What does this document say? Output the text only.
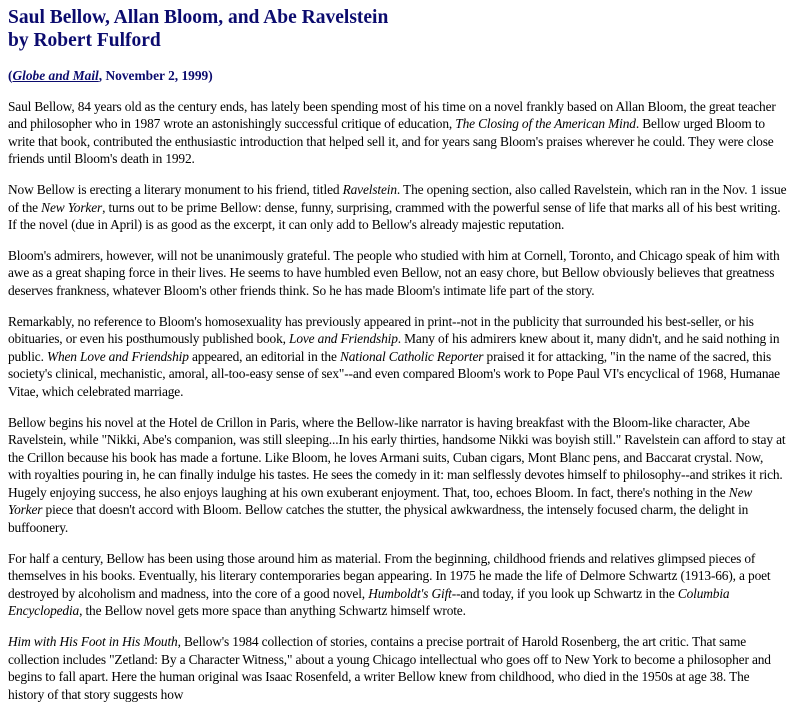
Saul Bellow, Allan Bloom, and Abe Ravelstein
by Robert Fulford
(Globe and Mail, November 2, 1999)

Saul Bellow, 84 years old as the century ends, has lately been spending most of his time on a novel frankly based on Allan Bloom, the great teacher and philosopher who in 1987 wrote an astonishingly successful critique of education, The Closing of the American Mind. Bellow urged Bloom to write that book, contributed the enthusiastic introduction that helped sell it, and for years sang Bloom's praises wherever he could. They were close friends until Bloom's death in 1992.

Now Bellow is erecting a literary monument to his friend, titled Ravelstein. The opening section, also called Ravelstein, which ran in the Nov. 1 issue of the New Yorker, turns out to be prime Bellow: dense, funny, surprising, crammed with the powerful sense of life that marks all of his best writing. If the novel (due in April) is as good as the excerpt, it can only add to Bellow's already majestic reputation.

Bloom's admirers, however, will not be unanimously grateful. The people who studied with him at Cornell, Toronto, and Chicago speak of him with awe as a great shaping force in their lives. He seems to have humbled even Bellow, not an easy chore, but Bellow obviously believes that greatness deserves frankness, whatever Bloom's other friends think. So he has made Bloom's intimate life part of the story.

Remarkably, no reference to Bloom's homosexuality has previously appeared in print--not in the publicity that surrounded his best-seller, or his obituaries, or even his posthumously published book, Love and Friendship. Many of his admirers knew about it, many didn't, and he said nothing in public. When Love and Friendship appeared, an editorial in the National Catholic Reporter praised it for attacking, "in the name of the sacred, this society's clinical, mechanistic, amoral, all-too-easy sense of sex"--and even compared Bloom's work to Pope Paul VI's encyclical of 1968, Humanae Vitae, which celebrated marriage.

Bellow begins his novel at the Hotel de Crillon in Paris, where the Bellow-like narrator is having breakfast with the Bloom-like character, Abe Ravelstein, while "Nikki, Abe's companion, was still sleeping...In his early thirties, handsome Nikki was boyish still." Ravelstein can afford to stay at the Crillon because his book has made a fortune. Like Bloom, he loves Armani suits, Cuban cigars, Mont Blanc pens, and Baccarat crystal. Now, with royalties pouring in, he can finally indulge his tastes. He sees the comedy in it: man selflessly devotes himself to philosophy--and strikes it rich. Hugely enjoying success, he also enjoys laughing at his own exuberant enjoyment. That, too, echoes Bloom. In fact, there's nothing in the New Yorker piece that doesn't accord with Bloom. Bellow catches the stutter, the physical awkwardness, the intensely focused charm, the delight in buffoonery.

For half a century, Bellow has been using those around him as material. From the beginning, childhood friends and relatives glimpsed pieces of themselves in his books. Eventually, his literary contemporaries began appearing. In 1975 he made the life of Delmore Schwartz (1913-66), a poet destroyed by alcoholism and madness, into the core of a good novel, Humboldt's Gift--and today, if you look up Schwartz in the Columbia Encyclopedia, the Bellow novel gets more space than anything Schwartz himself wrote.

Him with His Foot in His Mouth, Bellow's 1984 collection of stories, contains a precise portrait of Harold Rosenberg, the art critic. That same collection includes "Zetland: By a Character Witness," about a young Chicago intellectual who goes off to New York to become a philosopher and begins to fall apart. Here the human original was Isaac Rosenfeld, a writer Bellow knew from childhood, who died in the 1950s at age 38. The history of that story suggests how
